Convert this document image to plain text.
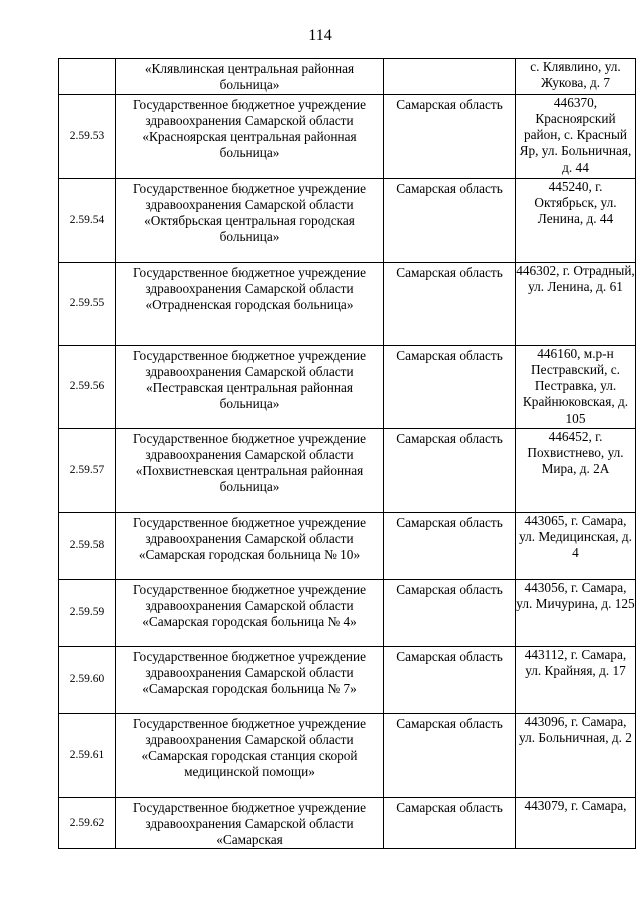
114
	«Клявлинская центральная районная больница»		с. Клявлино, ул. Жукова, д. 7
2.59.53	Государственное бюджетное учреждение здравоохранения Самарской области «Красноярская центральная районная больница»	Самарская область	446370, Красноярский район, с. Красный Яр, ул. Больничная, д. 44
2.59.54	Государственное бюджетное учреждение здравоохранения Самарской области «Октябрьская центральная городская больница»	Самарская область	445240, г. Октябрьск, ул. Ленина, д. 44
2.59.55	Государственное бюджетное учреждение здравоохранения Самарской области «Отрадненская городская больница»	Самарская область	446302, г. Отрадный, ул. Ленина, д. 61
2.59.56	Государственное бюджетное учреждение здравоохранения Самарской области «Пестравская центральная районная больница»	Самарская область	446160, м.р-н Пестравский, с. Пестравка, ул. Крайнюковская, д. 105
2.59.57	Государственное бюджетное учреждение здравоохранения Самарской области «Похвистневская центральная районная больница»	Самарская область	446452, г. Похвистнево, ул. Мира, д. 2А
2.59.58	Государственное бюджетное учреждение здравоохранения Самарской области «Самарская городская больница № 10»	Самарская область	443065, г. Самара, ул. Медицинская, д. 4
2.59.59	Государственное бюджетное учреждение здравоохранения Самарской области «Самарская городская больница № 4»	Самарская область	443056, г. Самара, ул. Мичурина, д. 125
2.59.60	Государственное бюджетное учреждение здравоохранения Самарской области «Самарская городская больница № 7»	Самарская область	443112, г. Самара, ул. Крайняя, д. 17
2.59.61	Государственное бюджетное учреждение здравоохранения Самарской области «Самарская городская станция скорой медицинской помощи»	Самарская область	443096, г. Самара, ул. Больничная, д. 2
2.59.62	Государственное бюджетное учреждение здравоохранения Самарской области «Самарская	Самарская область	443079, г. Самара,
